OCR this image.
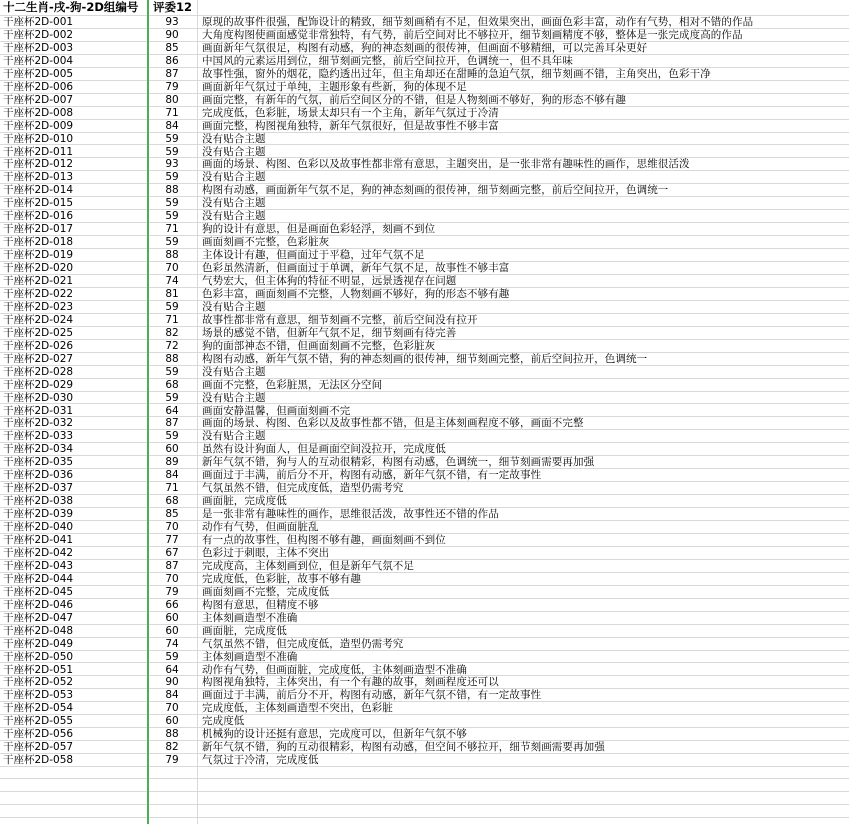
十二生肖-戌-狗-2D组编号	评委12
干座杯2D-001	93	原现的故事件很强，配饰设计的精致，细节刻画稍有不足，但效果突出，画面色彩丰富，动作有气势，相对不错的作品
干座杯2D-002	90	大角度构图使画面感觉非常独特，有气势，前后空间对比不够拉开，细节刻画精度不够，整体是一张完成度高的作品
干座杯2D-003	85	画面新年气氛很足，构图有动感，狗的神态刻画的很传神，但画面不够精细，可以完善耳朵更好
干座杯2D-004	86	中国风的元素运用到位，细节刻画完整，前后空间拉开，色调统一，但不具年味
干座杯2D-005	87	故事性强，窗外的烟花，隐约透出过年，但主角却还在甜睡的急迫气氛，细节刻画不错，主角突出，色彩干净
干座杯2D-006	79	画面新年气氛过于单纯，主题形象有些新，狗的体现不足
干座杯2D-007	80	画面完整，有新年的气氛，前后空间区分的不错，但是人物刻画不够好，狗的形态不够有趣
干座杯2D-008	71	完成度低，色彩脏，场景太却只有一个主角，新年气氛过于冷清
干座杯2D-009	84	画面完整，构图视角独特，新年气氛很好，但是故事性不够丰富
干座杯2D-010	59	没有贴合主题
干座杯2D-011	59	没有贴合主题
干座杯2D-012	93	画面的场景、构图、色彩以及故事性都非常有意思，主题突出，是一张非常有趣味性的画作，思维很活泼
干座杯2D-013	59	没有贴合主题
干座杯2D-014	88	构图有动感，画面新年气氛不足，狗的神态刻画的很传神，细节刻画完整，前后空间拉开，色调统一
干座杯2D-015	59	没有贴合主题
干座杯2D-016	59	没有贴合主题
干座杯2D-017	71	狗的设计有意思，但是画面色彩轻浮，刻画不到位
干座杯2D-018	59	画面刻画不完整，色彩脏灰
干座杯2D-019	88	主体设计有趣，但画面过于平稳，过年气氛不足
干座杯2D-020	70	色彩虽然清新，但画面过于单调，新年气氛不足，故事性不够丰富
干座杯2D-021	74	气势宏大，但主体狗的特征不明显，远景透视存在问题
干座杯2D-022	81	色彩丰富，画面刻画不完整，人物刻画不够好，狗的形态不够有趣
干座杯2D-023	59	没有贴合主题
干座杯2D-024	71	故事性都非常有意思，细节刻画不完整，前后空间没有拉开
干座杯2D-025	82	场景的感觉不错，但新年气氛不足，细节刻画有待完善
干座杯2D-026	72	狗的面部神态不错，但画面刻画不完整，色彩脏灰
干座杯2D-027	88	构图有动感，新年气氛不错，狗的神态刻画的很传神，细节刻画完整，前后空间拉开，色调统一
干座杯2D-028	59	没有贴合主题
干座杯2D-029	68	画面不完整，色彩脏黑，无法区分空间
干座杯2D-030	59	没有贴合主题
干座杯2D-031	64	画面安静温馨，但画面刻画不完
干座杯2D-032	87	画面的场景、构图、色彩以及故事性都不错，但是主体刻画程度不够，画面不完整
干座杯2D-033	59	没有贴合主题
干座杯2D-034	60	虽然有设计狗面人，但是画面空间没拉开，完成度低
干座杯2D-035	89	新年气氛不错，狗与人的互动很精彩，构图有动感，色调统一，细节刻画需要再加强
干座杯2D-036	84	画面过于丰满，前后分不开，构图有动感，新年气氛不错，有一定故事性
干座杯2D-037	71	气氛虽然不错，但完成度低，造型仍需考究
干座杯2D-038	68	画面脏，完成度低
干座杯2D-039	85	是一张非常有趣味性的画作，思维很活泼，故事性还不错的作品
干座杯2D-040	70	动作有气势，但画面脏乱
干座杯2D-041	77	有一点的故事性，但构图不够有趣，画面刻画不到位
干座杯2D-042	67	色彩过于刺眼，主体不突出
干座杯2D-043	87	完成度高，主体刻画到位，但是新年气氛不足
干座杯2D-044	70	完成度低，色彩脏，故事不够有趣
干座杯2D-045	79	画面刻画不完整，完成度低
干座杯2D-046	66	构图有意思，但精度不够
干座杯2D-047	60	主体刻画造型不准确
干座杯2D-048	60	画面脏，完成度低
干座杯2D-049	74	气氛虽然不错，但完成度低，造型仍需考究
干座杯2D-050	59	主体刻画造型不准确
干座杯2D-051	64	动作有气势，但画面脏，完成度低，主体刻画造型不准确
干座杯2D-052	90	构图视角独特，主体突出，有一个有趣的故事，刻画程度还可以
干座杯2D-053	84	画面过于丰满，前后分不开，构图有动感，新年气氛不错，有一定故事性
干座杯2D-054	70	完成度低，主体刻画造型不突出，色彩脏
干座杯2D-055	60	完成度低
干座杯2D-056	88	机械狗的设计还挺有意思，完成度可以，但新年气氛不够
干座杯2D-057	82	新年气氛不错，狗的互动很精彩，构图有动感，但空间不够拉开，细节刻画需要再加强
干座杯2D-058	79	气氛过于冷清，完成度低
